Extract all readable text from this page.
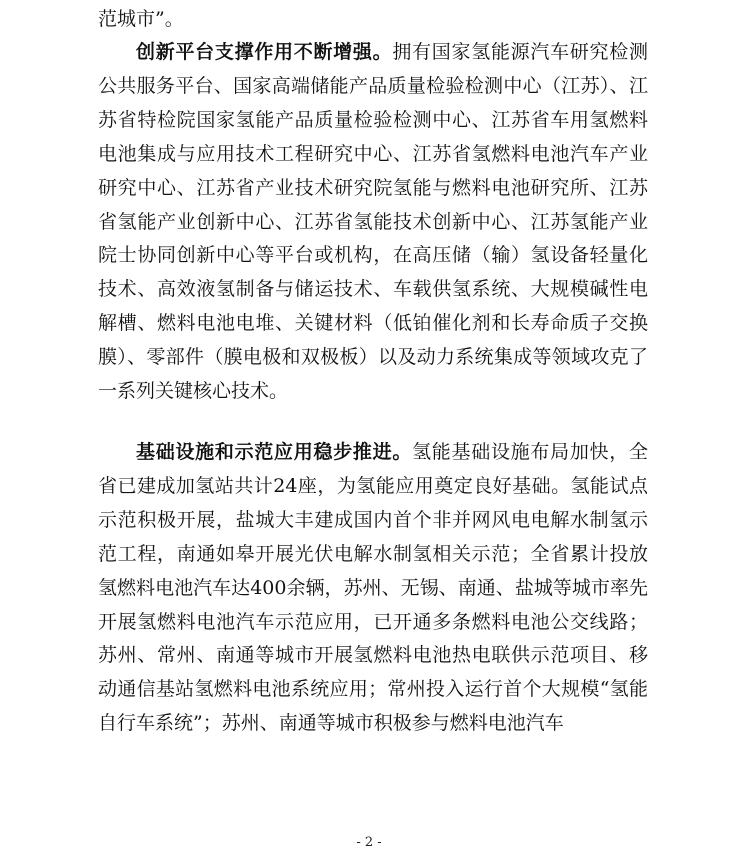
范城市”。

创新平台支撑作用不断增强。拥有国家氢能源汽车研究检测公共服务平台、国家高端储能产品质量检验检测中心（江苏）、江苏省特检院国家氢能产品质量检验检测中心、江苏省车用氢燃料电池集成与应用技术工程研究中心、江苏省氢燃料电池汽车产业研究中心、江苏省产业技术研究院氢能与燃料电池研究所、江苏省氢能产业创新中心、江苏省氢能技术创新中心、江苏氢能产业院士协同创新中心等平台或机构，在高压储（输）氢设备轻量化技术、高效液氢制备与储运技术、车载供氢系统、大规模碱性电解槽、燃料电池电堆、关键材料（低铂催化剂和长寿命质子交换膜）、零部件（膜电极和双极板）以及动力系统集成等领域攻克了一系列关键核心技术。

基础设施和示范应用稳步推进。氢能基础设施布局加快，全省已建成加氢站共计24座，为氢能应用奠定良好基础。氢能试点示范积极开展，盐城大丰建成国内首个非并网风电电解水制氢示范工程，南通如皋开展光伏电解水制氢相关示范；全省累计投放氢燃料电池汽车达400余辆，苏州、无锡、南通、盐城等城市率先开展氢燃料电池汽车示范应用，已开通多条燃料电池公交线路；苏州、常州、南通等城市开展氢燃料电池热电联供示范项目、移动通信基站氢燃料电池系统应用；常州投入运行首个大规模“氢能自行车系统”；苏州、南通等城市积极参与燃料电池汽车

- 2 -
